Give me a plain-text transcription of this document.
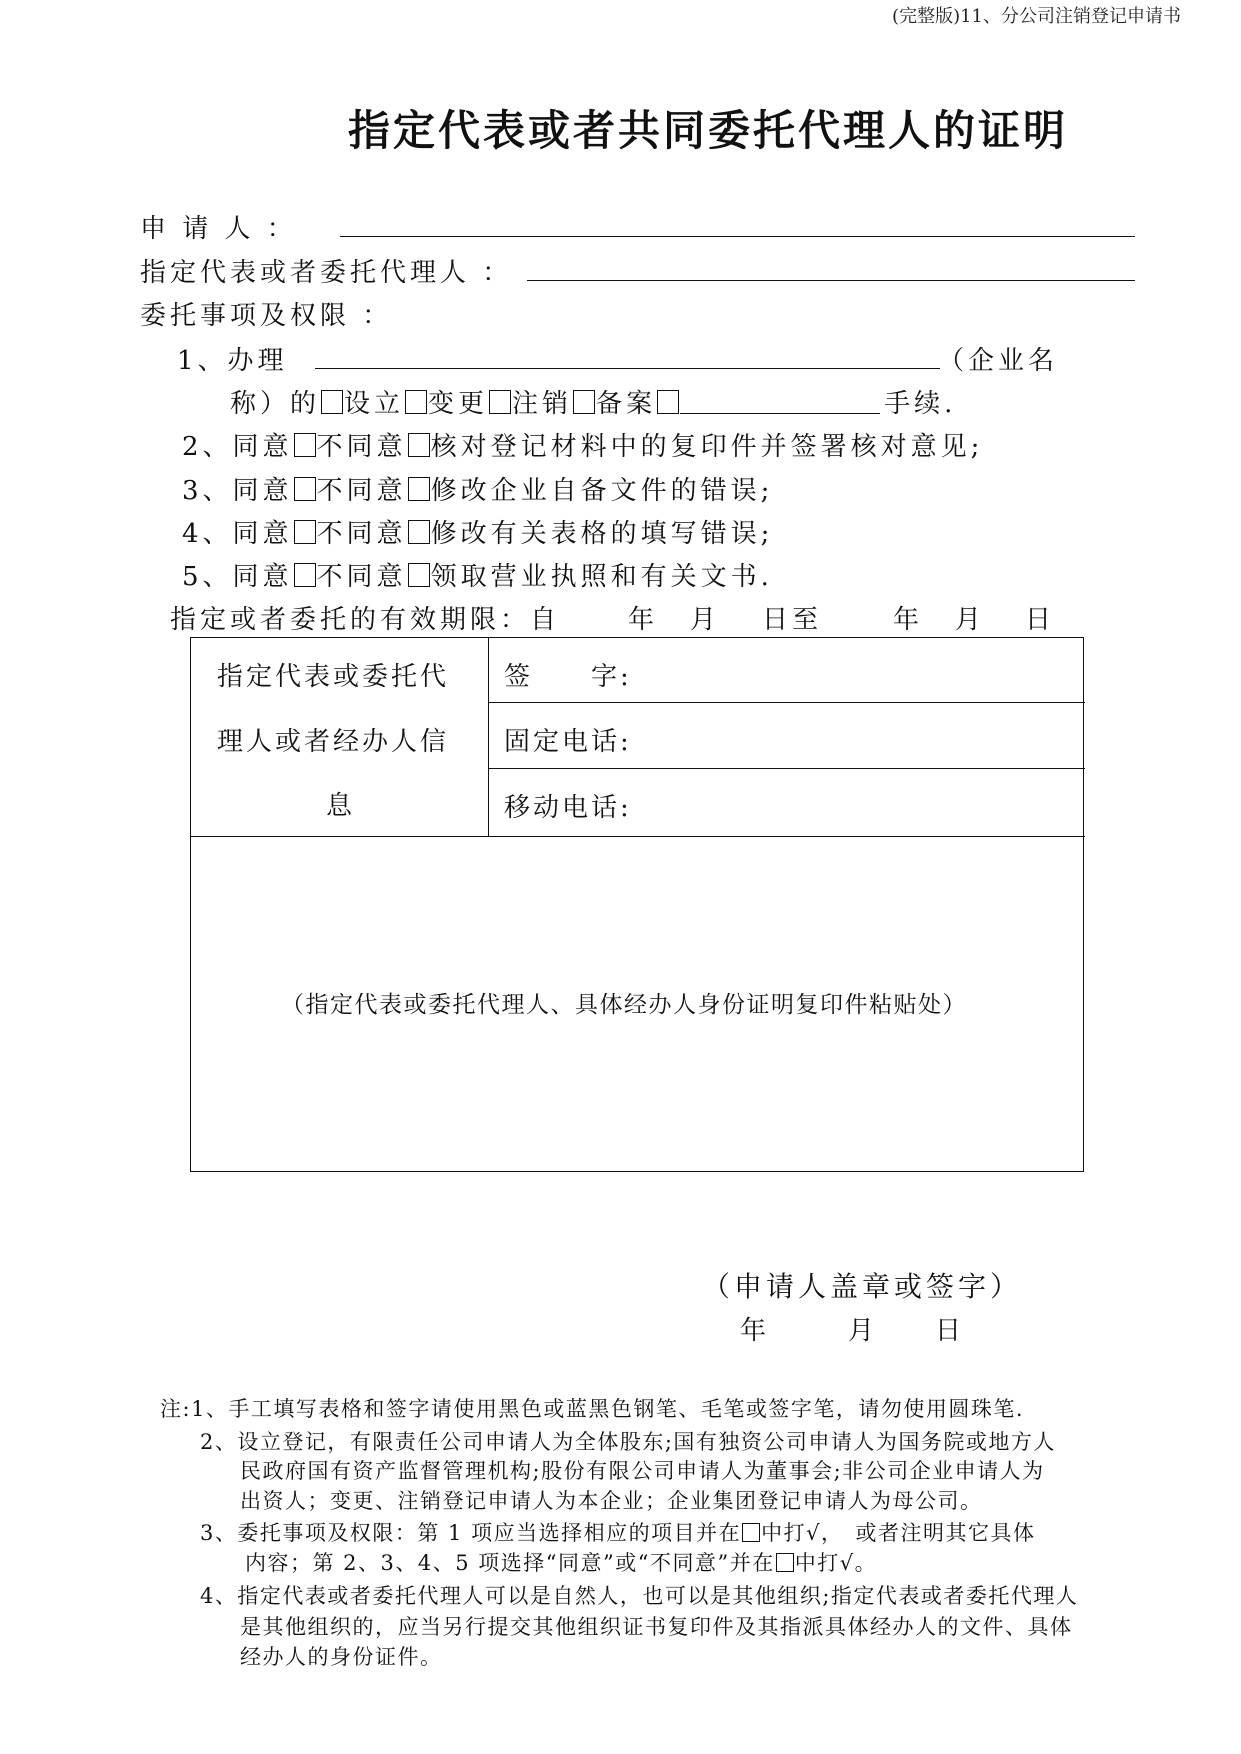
(完整版)11、分公司注销登记申请书
指定代表或者共同委托代理人的证明
申 请 人 ：
指定代表或者委托代理人 ：
委托事项及权限 ：
1、办理	（企业名
称）的 设立 变更 注销 备案	手续.
2、同意 不同意 核对登记材料中的复印件并签署核对意见;
3、同意 不同意 修改企业自备文件的错误;
4、同意 不同意 修改有关表格的填写错误;
5、同意 不同意 领取营业执照和有关文书.
指定或者委托的有效期限：自	年 月 日至	年 月 日
指定代表或委托代
理人或者经办人信
息
签　　字:
固定电话:
移动电话:
（指定代表或委托代理人、具体经办人身份证明复印件粘贴处）
（申请人盖章或签字）
年	月 日
注:1、手工填写表格和签字请使用黑色或蓝黑色钢笔、毛笔或签字笔，请勿使用圆珠笔.
2、设立登记，有限责任公司申请人为全体股东;国有独资公司申请人为国务院或地方人
民政府国有资产监督管理机构;股份有限公司申请人为董事会;非公司企业申请人为
出资人；变更、注销登记申请人为本企业；企业集团登记申请人为母公司。
3、委托事项及权限：第 1 项应当选择相应的项目并在 中打√，　或者注明其它具体
内容；第 2、3、4、5 项选择“同意”或“不同意”并在 中打√。
4、指定代表或者委托代理人可以是自然人，也可以是其他组织;指定代表或者委托代理人
是其他组织的，应当另行提交其他组织证书复印件及其指派具体经办人的文件、具体
经办人的身份证件。
